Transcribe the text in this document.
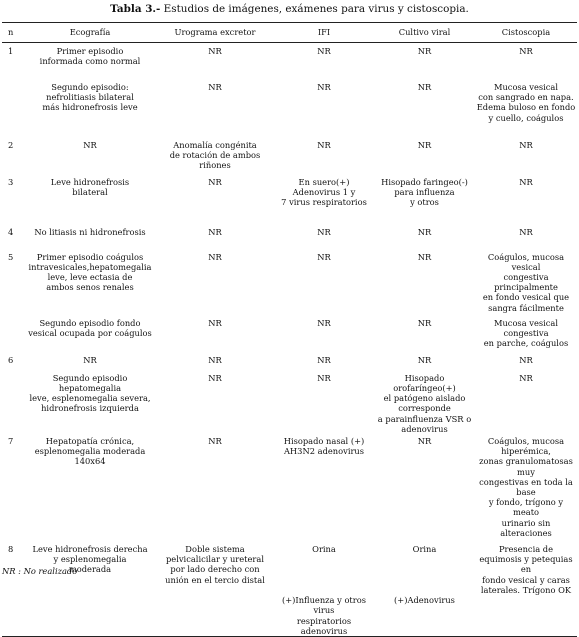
Tabla 3.- Estudios de imágenes, exámenes para virus y cistoscopia.
n	Ecografía	Urograma excretor	IFI	Cultivo viral	Cistoscopia
1	Primer episodio
informada como normal	NR	NR	NR	NR
	Segundo episodio:
nefrolitiasis bilateral
más hidronefrosis leve	NR	NR	NR	Mucosa vesical
con sangrado en napa.
Edema buloso en fondo
y cuello, coágulos
2	NR	Anomalía congénita
de rotación de ambos riñones	NR	NR	NR
3	Leve hidronefrosis
bilateral	NR	En suero(+)
Adenovirus 1 y
7 virus respiratorios	Hisopado faringeo(-)
para influenza
y otros	NR
4	No litiasis ni hidronefrosis	NR	NR	NR	NR
5	Primer episodio coágulos
intravesicales,hepatomegalia
leve, leve ectasia de
ambos senos renales	NR	NR	NR	Coágulos, mucosa vesical
congestiva principalmente
en fondo vesical que
sangra fácilmente
	Segundo episodio fondo
vesical ocupada por coágulos	NR	NR	NR	Mucosa vesical congestiva
en parche, coágulos
6	NR	NR	NR	NR	NR
	Segundo episodio hepatomegalia
leve, esplenomegalia severa,
hidronefrosis izquierda	NR	NR	Hisopado orofaríngeo(+)
el patógeno aislado corresponde
a parainfluenza VSR o adenovirus	NR
7	Hepatopatía crónica,
esplenomegalia moderada 140x64	NR	Hisopado nasal (+)
AH3N2 adenovirus	NR	Coágulos, mucosa hiperémica,
zonas granulomatosas muy
congestivas en toda la base
y fondo, trígono y meato
urinario sin alteraciones
8	Leve hidronefrosis derecha
y esplenomegalia
moderada	Doble sistema
pelvicalicilar y ureteral
por lado derecho con
unión en el tercio distal	Orina	Orina	Presencia de
equimosis y petequias en
fondo vesical y caras
laterales. Trígono OK
			(+)Influenza y otros virus
respiratorios adenovirus	(+)Adenovirus	
NR : No realizado
